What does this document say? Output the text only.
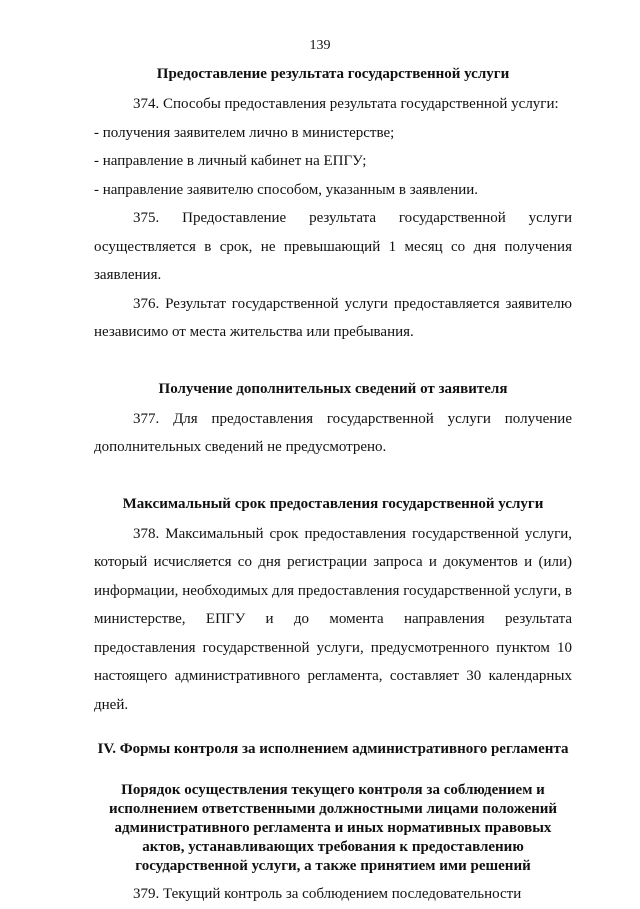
139

Предоставление результата государственной услуги

374. Способы предоставления результата государственной услуги:

- получения заявителем лично в министерстве;

- направление в личный кабинет на ЕПГУ;

- направление заявителю способом, указанным в заявлении.

375. Предоставление результата государственной услуги осуществляется в срок, не превышающий 1 месяц со дня получения заявления.

376. Результат государственной услуги предоставляется заявителю независимо от места жительства или пребывания.

Получение дополнительных сведений от заявителя

377. Для предоставления государственной услуги получение дополнительных сведений не предусмотрено.

Максимальный срок предоставления государственной услуги

378. Максимальный срок предоставления государственной услуги, который исчисляется со дня регистрации запроса и документов и (или) информации, необходимых для предоставления государственной услуги, в министерстве, ЕПГУ и до момента направления результата предоставления государственной услуги, предусмотренного пунктом 10 настоящего административного регламента, составляет 30 календарных дней.

IV. Формы контроля за исполнением административного регламента

Порядок осуществления текущего контроля за соблюдением и исполнением ответственными должностными лицами положений административного регламента и иных нормативных правовых актов, устанавливающих требования к предоставлению государственной услуги, а также принятием ими решений

379. Текущий контроль за соблюдением последовательности
